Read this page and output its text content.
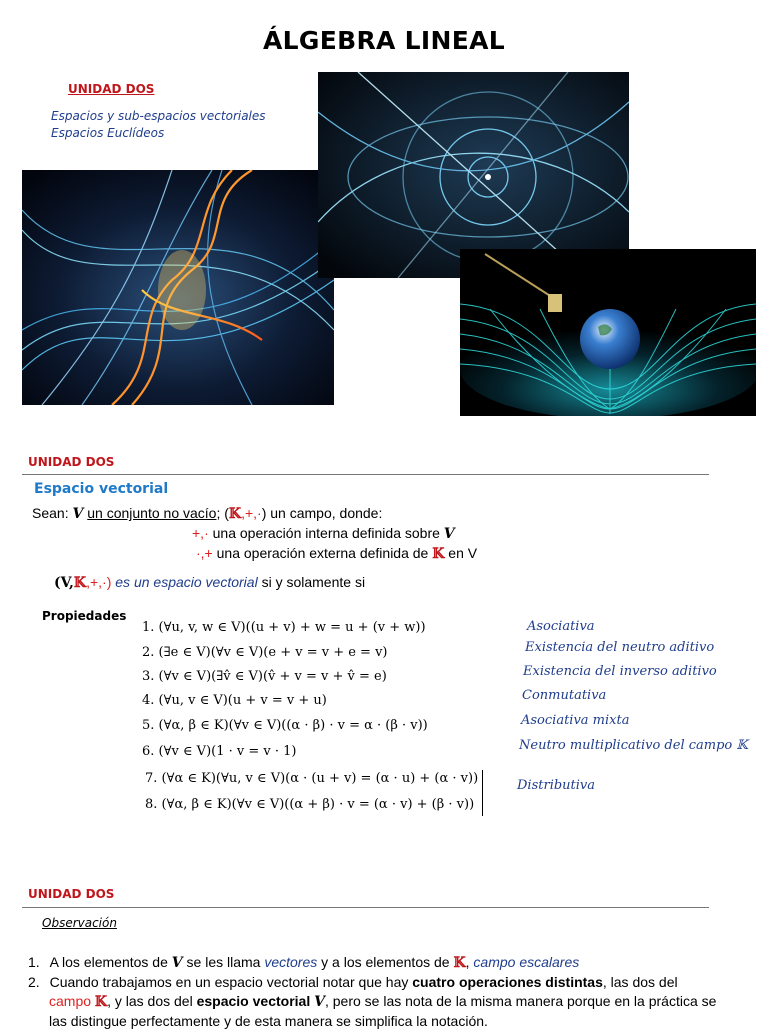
ÁLGEBRA LINEAL
UNIDAD DOS
Espacios y sub-espacios vectoriales
Espacios Euclídeos
UNIDAD DOS
Espacio vectorial
Sean: V un conjunto no vacío; (𝕂,+,·) un campo, donde:
+,· una operación interna definida sobre V
·,+ una operación externa definida de 𝕂 en V
(V,𝕂,+,·) es un espacio vectorial si y solamente si
Propiedades
1. (∀u, v, w ∈ V)((u + v) + w = u + (v + w))
2. (∃e ∈ V)(∀v ∈ V)(e + v = v + e = v)
3. (∀v ∈ V)(∃v̂ ∈ V)(v̂ + v = v + v̂ = e)
4. (∀u, v ∈ V)(u + v = v + u)
5. (∀α, β ∈ K)(∀v ∈ V)((α · β) · v = α · (β · v))
6. (∀v ∈ V)(1 · v = v · 1)
7. (∀α ∈ K)(∀u, v ∈ V)(α · (u + v) = (α · u) + (α · v))
8. (∀α, β ∈ K)(∀v ∈ V)((α + β) · v = (α · v) + (β · v))
Asociativa
Existencia del neutro aditivo
Existencia del inverso aditivo
Conmutativa
Asociativa mixta
Neutro multiplicativo del campo 𝕂
Distributiva
UNIDAD DOS
Observación
1. A los elementos de V se les llama vectores y a los elementos de 𝕂, campo escalares
2. Cuando trabajamos en un espacio vectorial notar que hay cuatro operaciones distintas, las dos del
campo 𝕂, y las dos del espacio vectorial V, pero se las nota de la misma manera porque en la práctica se
las distingue perfectamente y de esta manera se simplifica la notación.
